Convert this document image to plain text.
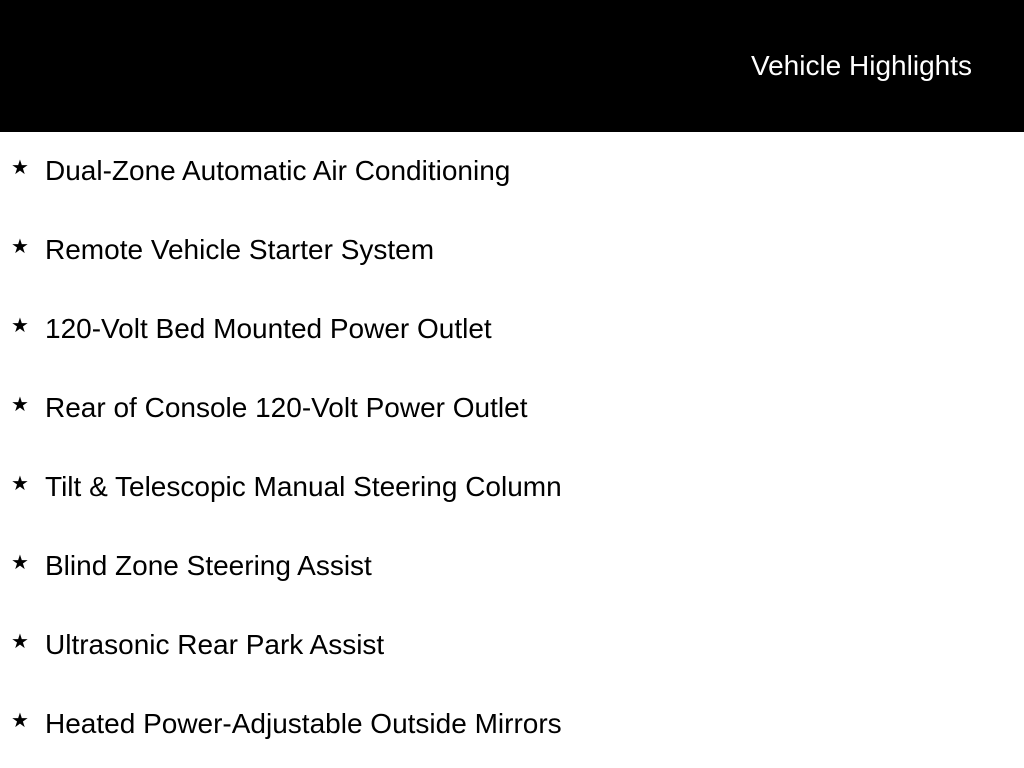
Vehicle Highlights
★ Dual-Zone Automatic Air Conditioning
★ Remote Vehicle Starter System
★ 120-Volt Bed Mounted Power Outlet
★ Rear of Console 120-Volt Power Outlet
★ Tilt & Telescopic Manual Steering Column
★ Blind Zone Steering Assist
★ Ultrasonic Rear Park Assist
★ Heated Power-Adjustable Outside Mirrors
